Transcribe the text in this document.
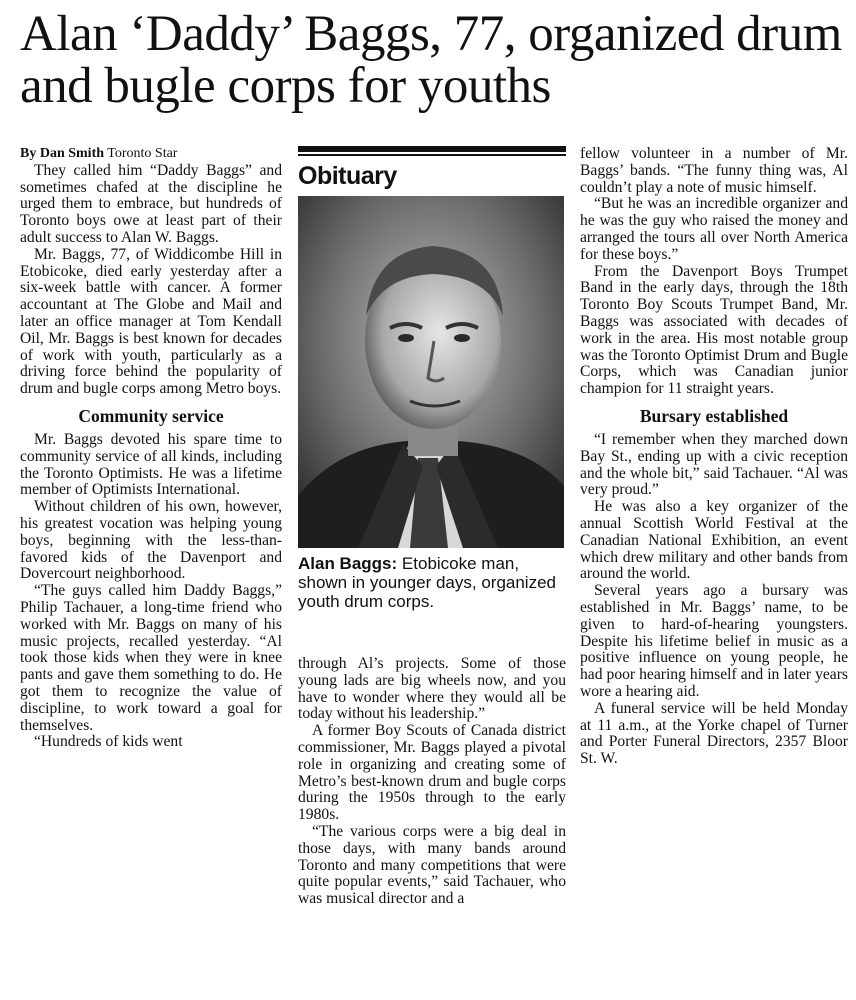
Alan ‘Daddy’ Baggs, 77, organized drum and bugle corps for youths

By Dan Smith Toronto Star

They called him “Daddy Baggs” and sometimes chafed at the discipline he urged them to embrace, but hundreds of Toronto boys owe at least part of their adult success to Alan W. Baggs.

Mr. Baggs, 77, of Widdicombe Hill in Etobicoke, died early yesterday after a six-week battle with cancer. A former accountant at The Globe and Mail and later an office manager at Tom Kendall Oil, Mr. Baggs is best known for decades of work with youth, particularly as a driving force behind the popularity of drum and bugle corps among Metro boys.

Community service

Mr. Baggs devoted his spare time to community service of all kinds, including the Toronto Optimists. He was a lifetime member of Optimists International.

Without children of his own, however, his greatest vocation was helping young boys, beginning with the less-than-favored kids of the Davenport and Dovercourt neighborhood.

“The guys called him Daddy Baggs,” Philip Tachauer, a long-time friend who worked with Mr. Baggs on many of his music projects, recalled yesterday. “Al took those kids when they were in knee pants and gave them something to do. He got them to recognize the value of discipline, to work toward a goal for themselves.

“Hundreds of kids went

Obituary
Alan Baggs: Etobicoke man, shown in younger days, organized youth drum corps.

through Al’s projects. Some of those young lads are big wheels now, and you have to wonder where they would all be today without his leadership.”

A former Boy Scouts of Canada district commissioner, Mr. Baggs played a pivotal role in organizing and creating some of Metro’s best-known drum and bugle corps during the 1950s through to the early 1980s.

“The various corps were a big deal in those days, with many bands around Toronto and many competitions that were quite popular events,” said Tachauer, who was musical director and a

fellow volunteer in a number of Mr. Baggs’ bands. “The funny thing was, Al couldn’t play a note of music himself.

“But he was an incredible organizer and he was the guy who raised the money and arranged the tours all over North America for these boys.”

From the Davenport Boys Trumpet Band in the early days, through the 18th Toronto Boy Scouts Trumpet Band, Mr. Baggs was associated with decades of work in the area. His most notable group was the Toronto Optimist Drum and Bugle Corps, which was Canadian junior champion for 11 straight years.

Bursary established

“I remember when they marched down Bay St., ending up with a civic reception and the whole bit,” said Tachauer. “Al was very proud.”

He was also a key organizer of the annual Scottish World Festival at the Canadian National Exhibition, an event which drew military and other bands from around the world.

Several years ago a bursary was established in Mr. Baggs’ name, to be given to hard-of-hearing youngsters. Despite his lifetime belief in music as a positive influence on young people, he had poor hearing himself and in later years wore a hearing aid.

A funeral service will be held Monday at 11 a.m., at the Yorke chapel of Turner and Porter Funeral Directors, 2357 Bloor St. W.
